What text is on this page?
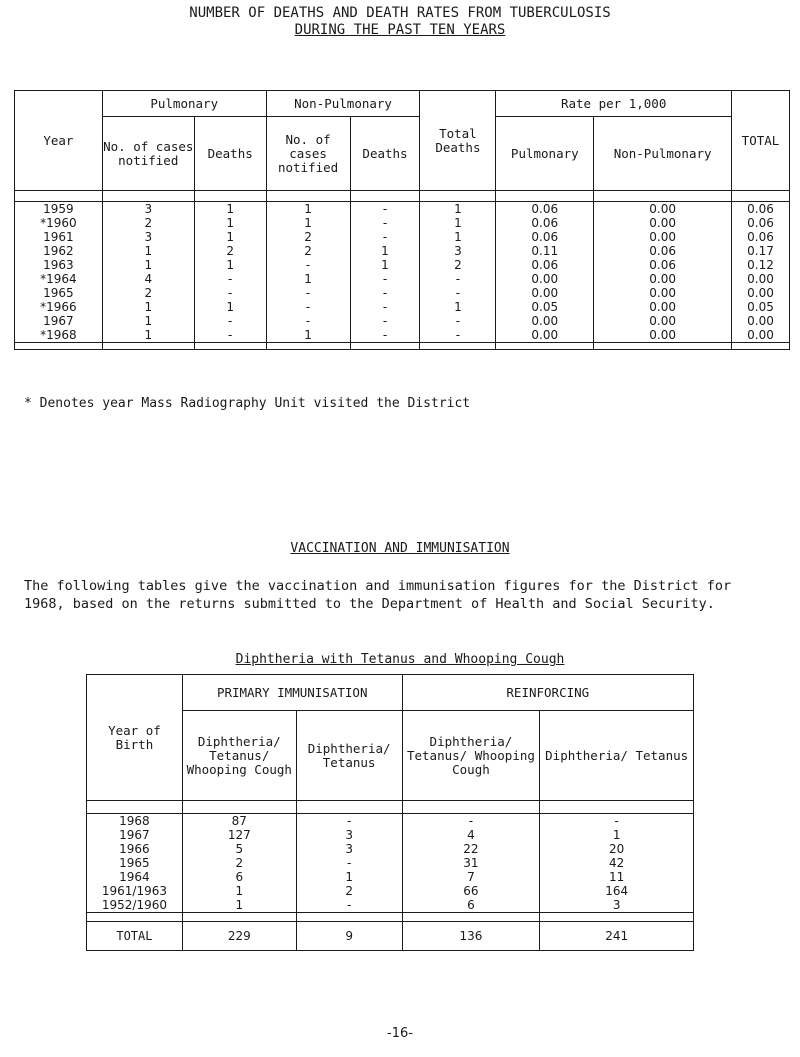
NUMBER OF DEATHS AND DEATH RATES FROM TUBERCULOSIS
DURING THE PAST TEN YEARS
Year	Pulmonary		Non-Pulmonary		Total Deaths	Rate per 1,000		TOTAL
	No. of cases notified	Deaths	No. of cases notified	Deaths		Pulmonary	Non-Pulmonary	

1959	3	1	1	-	1	0.06	0.00	0.06
*1960	2	1	1	-	1	0.06	0.00	0.06
1961	3	1	2	-	1	0.06	0.00	0.06
1962	1	2	2	1	3	0.11	0.06	0.17
1963	1	1	-	1	2	0.06	0.06	0.12
*1964	4	-	1	-	-	0.00	0.00	0.00
1965	2	-	-	-	-	0.00	0.00	0.00
*1966	1	1	-	-	1	0.05	0.00	0.05
1967	1	-	-	-	-	0.00	0.00	0.00
*1968	1	-	1	-	-	0.00	0.00	0.00

* Denotes year Mass Radiography Unit visited the District
VACCINATION AND IMMUNISATION
The following tables give the vaccination and immunisation figures for the District for 1968, based on the returns submitted to the Department of Health and Social Security.
Diphtheria with Tetanus and Whooping Cough
Year of Birth	PRIMARY IMMUNISATION		REINFORCING	
	Diphtheria/ Tetanus/ Whooping Cough	Diphtheria/ Tetanus	Diphtheria/ Tetanus/ Whooping Cough	Diphtheria/ Tetanus

1968	87	-	-	-
1967	127	3	4	1
1966	5	3	22	20
1965	2	-	31	42
1964	6	1	7	11
1961/1963	1	2	66	164
1952/1960	1	-	6	3

TOTAL	229	9	136	241
-16-
